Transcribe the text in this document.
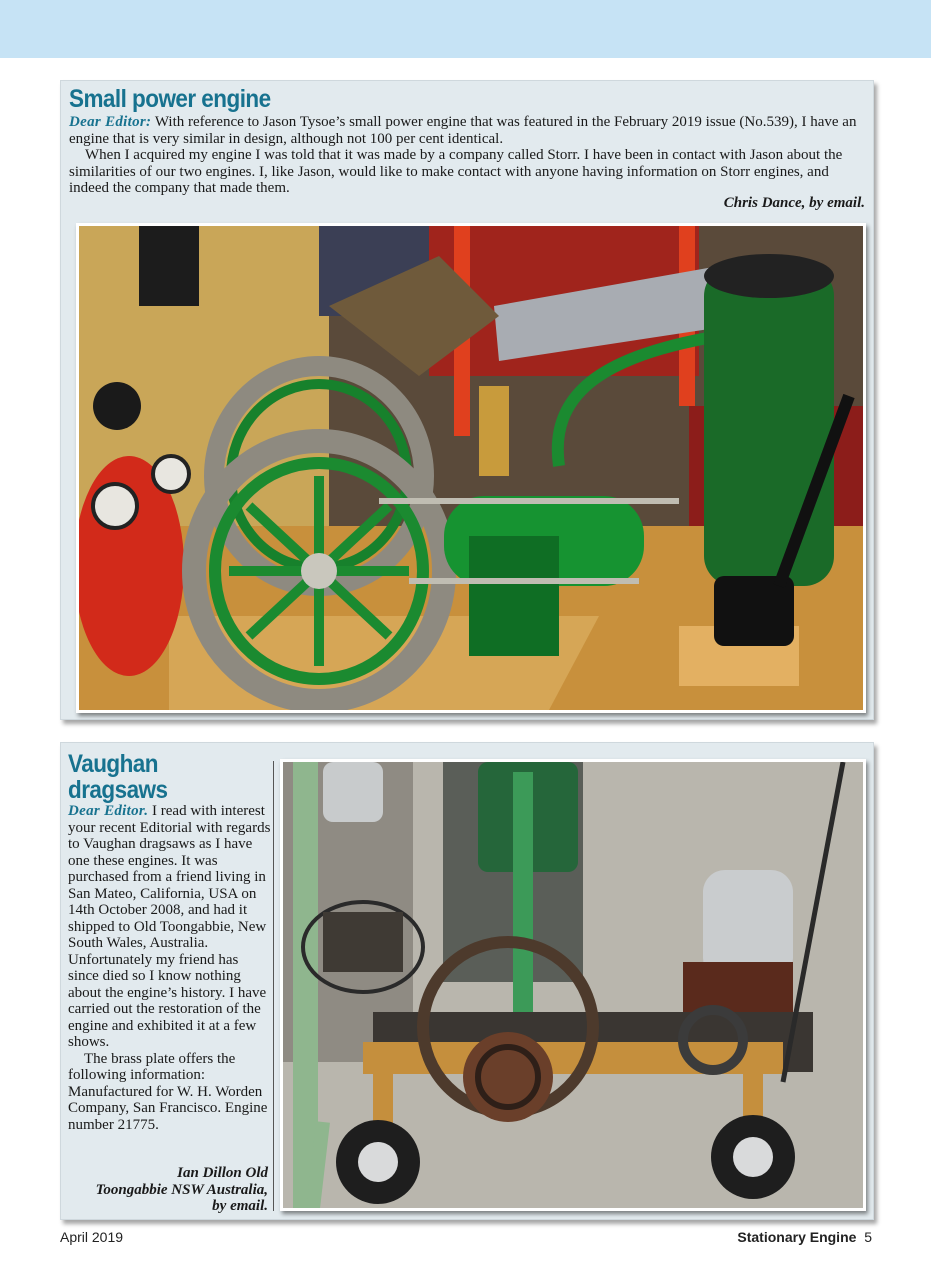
Small power engine

Dear Editor: With reference to Jason Tysoe’s small power engine that was featured in the February 2019 issue (No.539), I have an engine that is very similar in design, although not 100 per cent identical.

When I acquired my engine I was told that it was made by a company called Storr. I have been in contact with Jason about the similarities of our two engines. I, like Jason, would like to make contact with anyone having information on Storr engines, and indeed the company that made them.

Chris Dance, by email.

Vaughan
dragsaws

Dear Editor. I read with interest your recent Editorial with regards to Vaughan dragsaws as I have one these engines. It was purchased from a friend living in San Mateo, California, USA on 14th October 2008, and had it shipped to Old Toongabbie, New South Wales, Australia. Unfortunately my friend has since died so I know nothing about the engine’s history. I have carried out the restoration of the engine and exhibited it at a few shows.

The brass plate offers the following information: Manufactured for W. H. Worden Company, San Francisco. Engine number 21775.

Ian Dillon Old
Toongabbie NSW Australia,
by email.

April 2019	Stationary Engine 5
